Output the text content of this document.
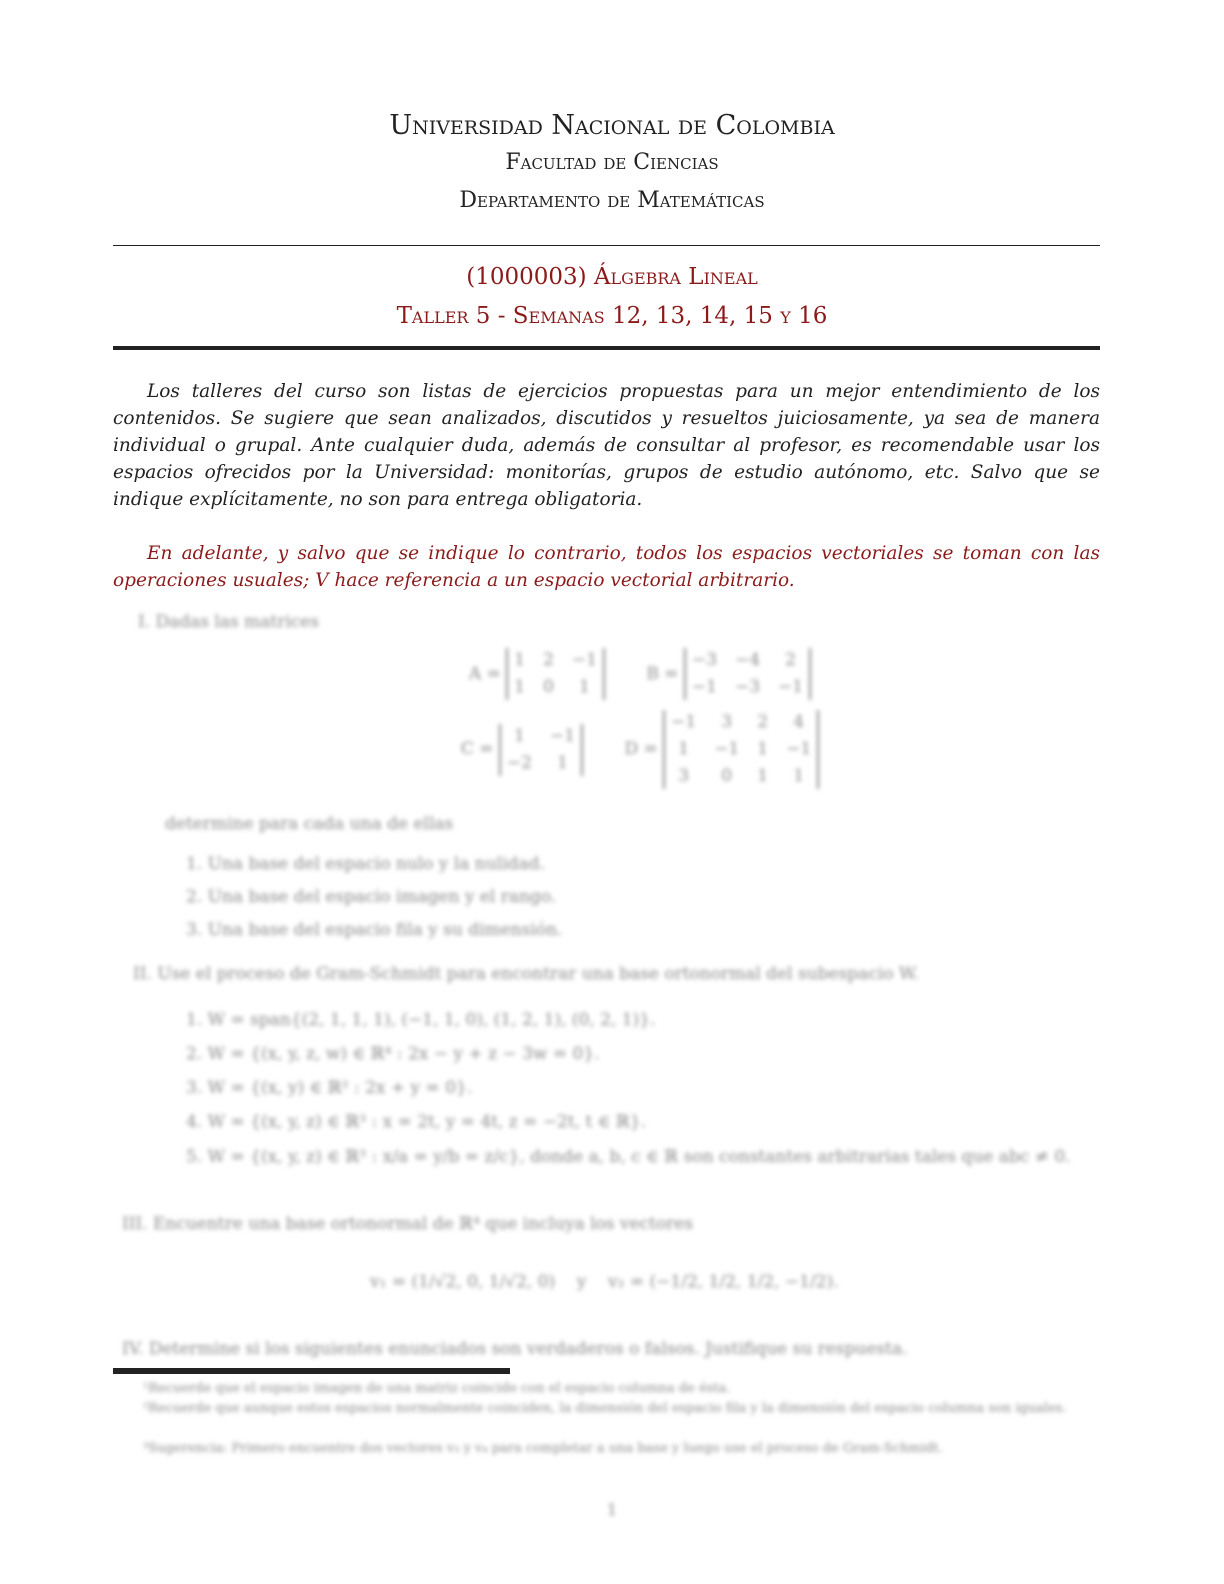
Universidad Nacional de Colombia
Facultad de Ciencias
Departamento de Matemáticas
(1000003) Álgebra Lineal
Taller 5 - Semanas 12, 13, 14, 15 y 16
Los talleres del curso son listas de ejercicios propuestas para un mejor entendimiento de los contenidos. Se sugiere que sean analizados, discutidos y resueltos juiciosamente, ya sea de manera individual o grupal. Ante cualquier duda, además de consultar al profesor, es recomendable usar los espacios ofrecidos por la Universidad: monitorías, grupos de estudio autónomo, etc. Salvo que se indique explícitamente, no son para entrega obligatoria.
En adelante, y salvo que se indique lo contrario, todos los espacios vectoriales se toman con las operaciones usuales; V hace referencia a un espacio vectorial arbitrario.
I. Dadas las matrices
A =

1 2 −1
1 0	1

B =

−3 −4	2
−1 −3 −1
C =

1	−1
−2	1

D =

−1	3	2	4
1	−1 1 −1
3	0	1	1
determine para cada una de ellas
1. Una base del espacio nulo y la nulidad.
2. Una base del espacio imagen y el rango.
3. Una base del espacio fila y su dimensión.
II. Use el proceso de Gram-Schmidt para encontrar una base ortonormal del subespacio W.
1. W = span{(2, 1, 1, 1), (−1, 1, 0), (1, 2, 1), (0, 2, 1)}.
2. W = {(x, y, z, w) ∈ ℝ⁴ : 2x − y + z − 3w = 0}.
3. W = {(x, y) ∈ ℝ² : 2x + y = 0}.
4. W = {(x, y, z) ∈ ℝ³ : x = 2t, y = 4t, z = −2t, t ∈ ℝ}.
5. W = {(x, y, z) ∈ ℝ³ : x/a = y/b = z/c}, donde a, b, c ∈ ℝ son constantes arbitrarias tales que abc ≠ 0.
III. Encuentre una base ortonormal de ℝ⁴ que incluya los vectores
v₁ = (1/√2, 0, 1/√2, 0) y v₂ = (−1/2, 1/2, 1/2, −1/2).
IV. Determine si los siguientes enunciados son verdaderos o falsos. Justifique su respuesta.
¹Recuerde que el espacio imagen de una matriz coincide con el espacio columna de ésta.
²Recuerde que aunque estos espacios normalmente coinciden, la dimensión del espacio fila y la dimensión del espacio columna son iguales.
³Sugerencia: Primero encuentre dos vectores v₃ y v₄ para completar a una base y luego use el proceso de Gram-Schmidt.
1
